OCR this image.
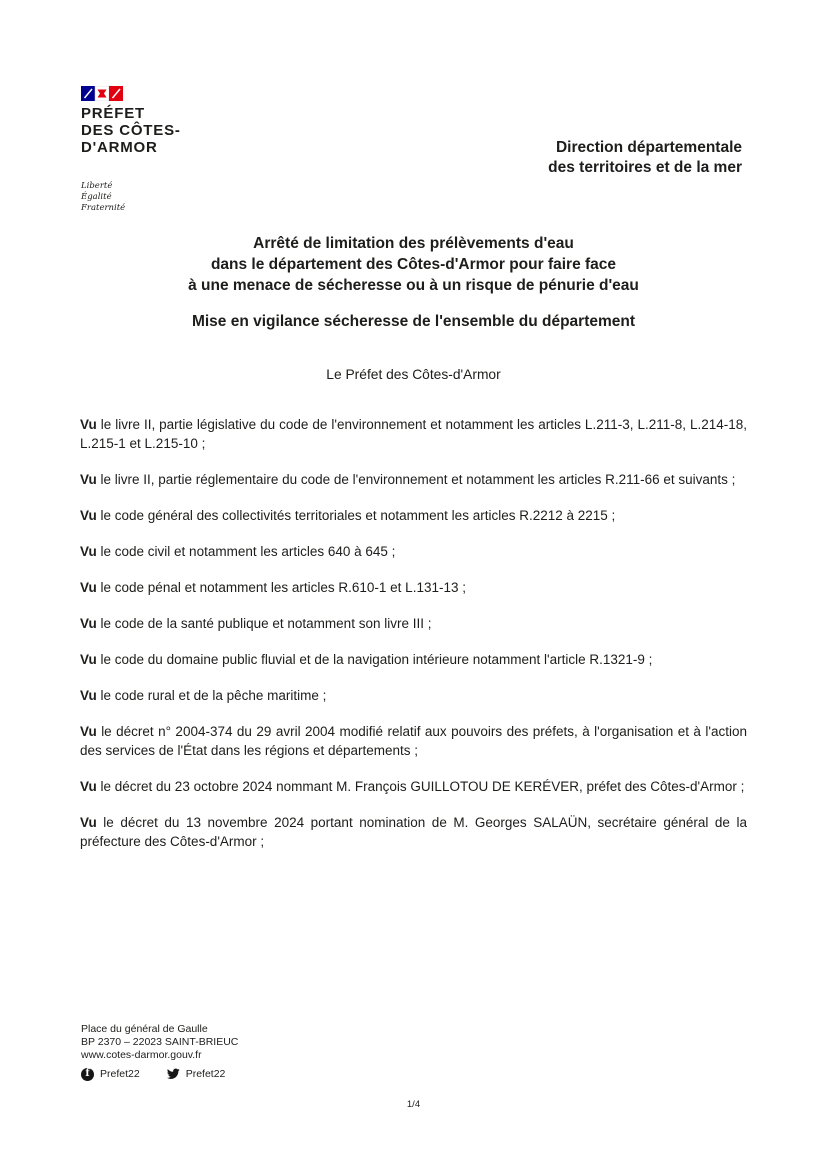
PRÉFET
DES CÔTES-
D'ARMOR
Liberté
Égalité
Fraternité
Direction départementale
des territoires et de la mer
Arrêté de limitation des prélèvements d'eau
dans le département des Côtes-d'Armor pour faire face
à une menace de sécheresse ou à un risque de pénurie d'eau
Mise en vigilance sécheresse de l'ensemble du département
Le Préfet des Côtes-d'Armor

Vu le livre II, partie législative du code de l'environnement et notamment les articles L.211-3, L.211-8, L.214-18, L.215-1 et L.215-10 ;

Vu le livre II, partie réglementaire du code de l'environnement et notamment les articles R.211-66 et suivants ;

Vu le code général des collectivités territoriales et notamment les articles R.2212 à 2215 ;

Vu le code civil et notamment les articles 640 à 645 ;

Vu le code pénal et notamment les articles R.610-1 et L.131-13 ;

Vu le code de la santé publique et notamment son livre III ;

Vu le code du domaine public fluvial et de la navigation intérieure notamment l'article R.1321-9 ;

Vu le code rural et de la pêche maritime ;

Vu le décret n° 2004-374 du 29 avril 2004 modifié relatif aux pouvoirs des préfets, à l'organisation et à l'action des services de l'État dans les régions et départements ;

Vu le décret du 23 octobre 2024 nommant M. François GUILLOTOU DE KERÉVER, préfet des Côtes-d'Armor ;

Vu le décret du 13 novembre 2024 portant nomination de M. Georges SALAÜN, secrétaire général de la préfecture des Côtes-d'Armor ;

Place du général de Gaulle
BP 2370 – 22023 SAINT-BRIEUC
www.cotes-darmor.gouv.fr
f
Prefet22	Prefet22
1/4
